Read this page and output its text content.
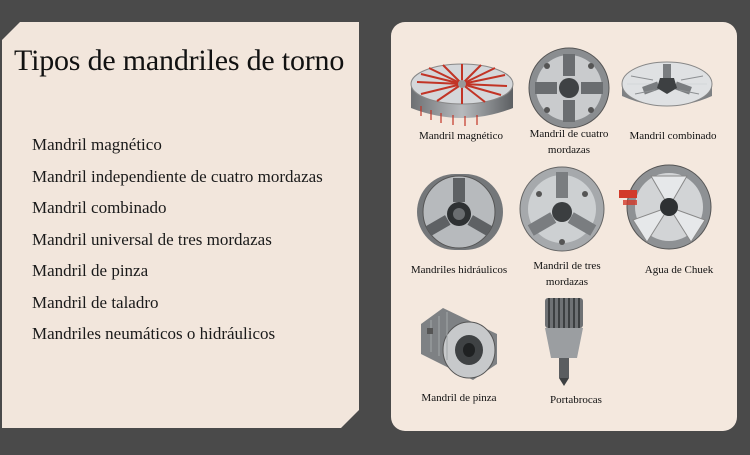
Tipos de mandriles de torno
Mandril magnético
Mandril independiente de cuatro mordazas
Mandril combinado
Mandril universal de tres mordazas
Mandril de pinza
Mandril de taladro
Mandriles neumáticos o hidráulicos
Mandril magnético	Mandril de cuatro mordazas
Mandril combinado
Mandriles hidráulicos	Mandril de tres mordazas
Agua de Chuek
Mandril de pinza	Portabrocas
